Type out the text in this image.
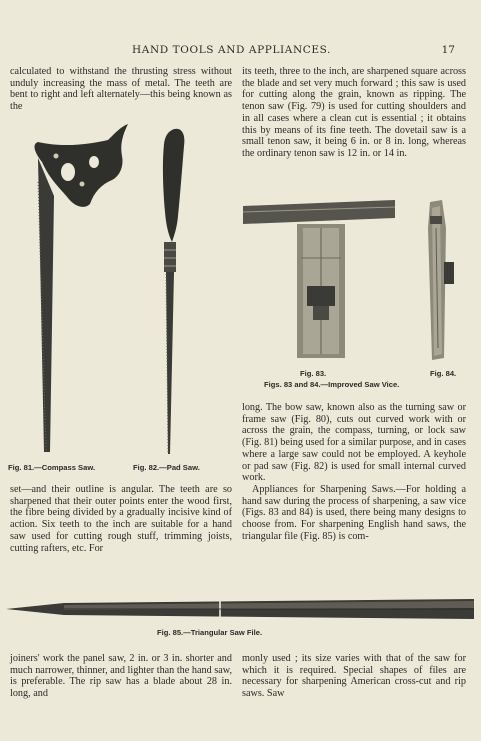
HAND TOOLS AND APPLIANCES.	17

calculated to withstand the thrusting stress without unduly increasing the mass of metal. The teeth are bent to right and left alternately—this being known as the

its teeth, three to the inch, are sharpened square across the blade and set very much forward ; this saw is used for cutting along the grain, known as ripping. The tenon saw (Fig. 79) is used for cutting shoulders and in all cases where a clean cut is essential ; it obtains this by means of its fine teeth. The dovetail saw is a small tenon saw, it being 6 in. or 8 in. long, whereas the ordinary tenon saw is 12 in. or 14 in.

Fig. 81.—Compass Saw.	Fig. 82.—Pad Saw.
Fig. 83.	Fig. 84.
Figs. 83 and 84.—Improved Saw Vice.
set—and their outline is angular. The teeth are so sharpened that their outer points enter the wood first, the fibre being divided by a gradually incisive kind of action. Six teeth to the inch are suitable for a hand saw used for cutting rough stuff, trimming joists, cutting rafters, etc. For
long. The bow saw, known also as the turning saw or frame saw (Fig. 80), cuts out curved work with or across the grain, the compass, turning, or lock saw (Fig. 81) being used for a similar purpose, and in cases where a large saw could not be employed. A keyhole or pad saw (Fig. 82) is used for small internal curved work.
Appliances for Sharpening Saws.—For holding a hand saw during the process of sharpening, a saw vice (Figs. 83 and 84) is used, there being many designs to choose from. For sharpening English hand saws, the triangular file (Fig. 85) is com-
Fig. 85.—Triangular Saw File.

joiners' work the panel saw, 2 in. or 3 in. shorter and much narrower, thinner, and lighter than the hand saw, is preferable. The rip saw has a blade about 28 in. long, and

monly used ; its size varies with that of the saw for which it is required. Special shapes of files are necessary for sharpening American cross-cut and rip saws. Saw
